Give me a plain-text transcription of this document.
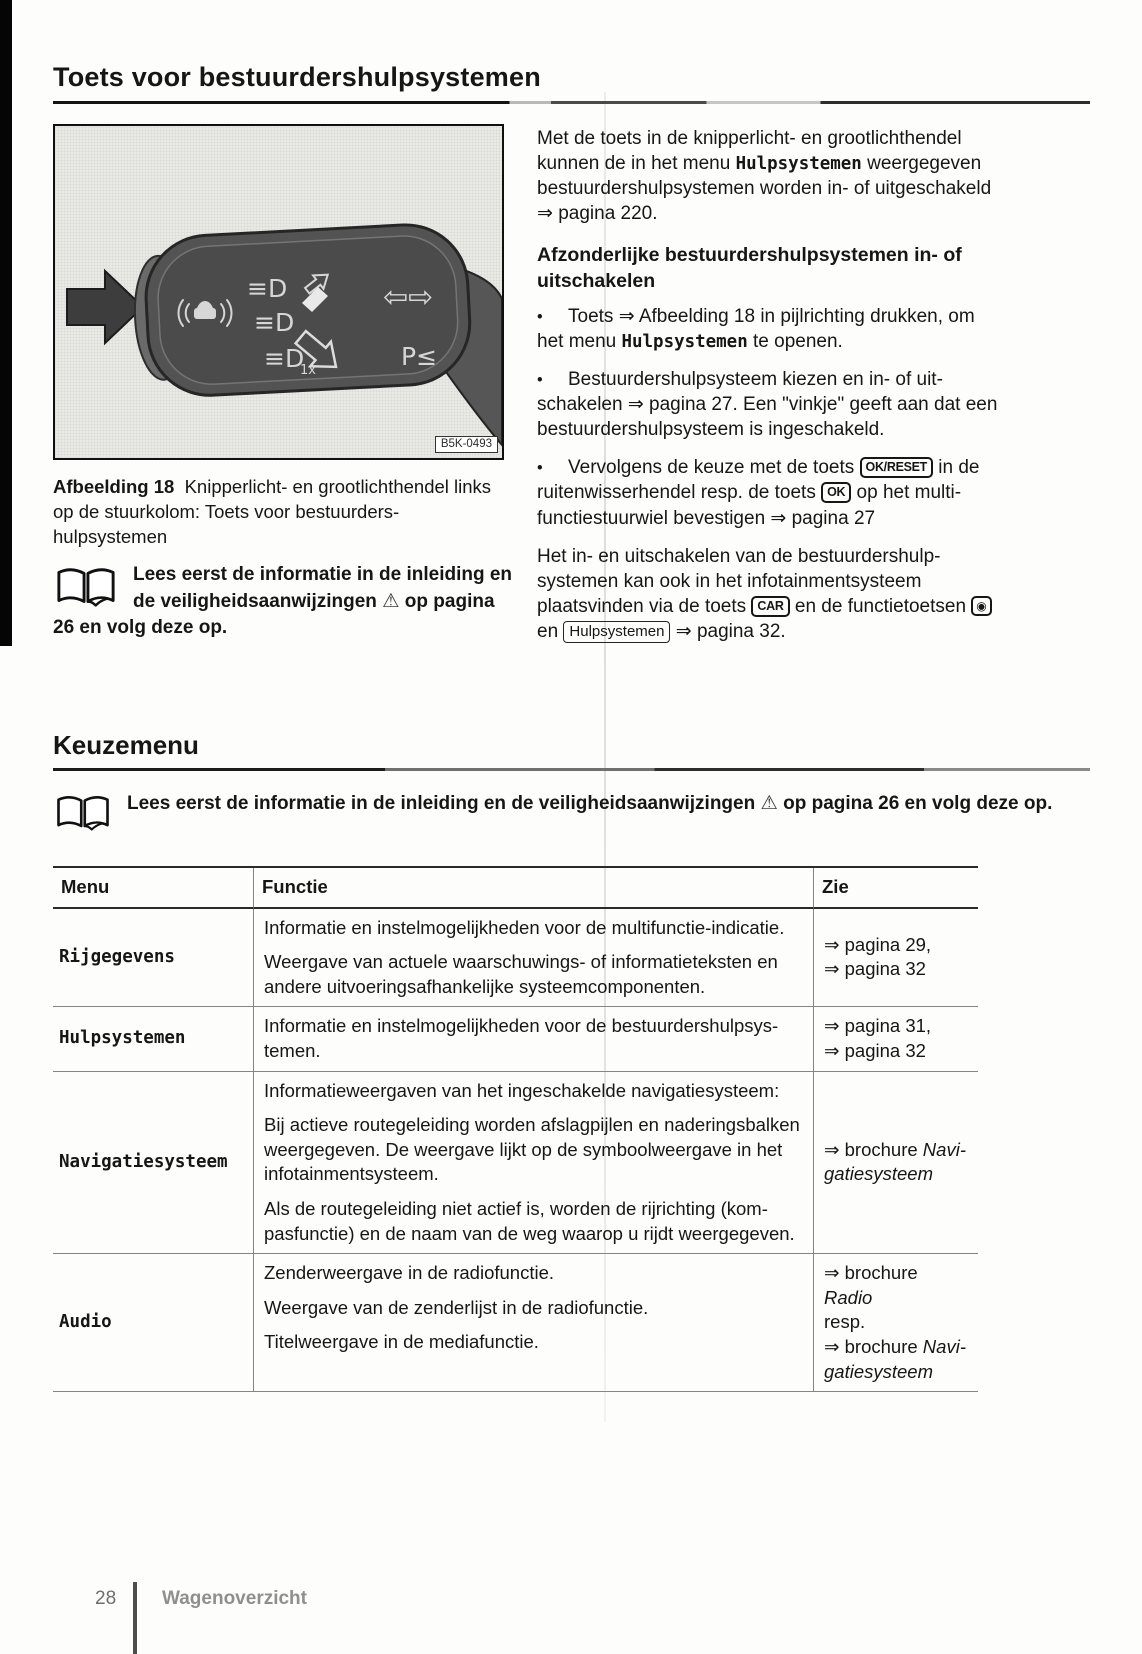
Toets voor bestuurdershulpsystemen
≡D
≡D
≡D
1x
⇦⇨
P≤
B5K-0493
Afbeelding 18 Knipperlicht- en grootlichthendel links op de stuurkolom: Toets voor bestuurdershulpsystemen
Lees eerst de informatie in de inleiding en de veiligheidsaanwijzingen ⚠ op pagina 26 en volg deze op.

Met de toets in de knipperlicht- en grootlichthendel kunnen de in het menu Hulpsystemen weergegeven bestuurdershulpsystemen worden in- of uitgeschakeld ⇒ pagina 220.

Afzonderlijke bestuurdershulpsystemen in- of uitschakelen

• Toets ⇒ Afbeelding 18 in pijlrichting drukken, om het menu Hulpsystemen te openen.

• Bestuurdershulpsysteem kiezen en in- of uitschakelen ⇒ pagina 27. Een "vinkje" geeft aan dat een bestuurdershulpsysteem is ingeschakeld.

• Vervolgens de keuze met de toets OK/RESET in de ruitenwisserhendel resp. de toets OK op het multifunctiestuurwiel bevestigen ⇒ pagina 27

Het in- en uitschakelen van de bestuurdershulpsystemen kan ook in het infotainmentsysteem plaatsvinden via de toets CAR en de functietoetsen ◉ en Hulpsystemen ⇒ pagina 32.

Keuzemenu
Lees eerst de informatie in de inleiding en de veiligheidsaanwijzingen ⚠ op pagina 26 en volg deze op.
Menu	Functie	Zie
Rijgegevens

Informatie en instelmogelijkheden voor de multifunctie-indicatie.

Weergave van actuele waarschuwings- of informatieteksten en andere uitvoeringsafhankelijke systeemcomponenten.

⇒ pagina 29,
⇒ pagina 32
Hulpsystemen

Informatie en instelmogelijkheden voor de bestuurdershulpsystemen.

⇒ pagina 31,
⇒ pagina 32
Navigatiesysteem

Informatieweergaven van het ingeschakelde navigatiesysteem:

Bij actieve routegeleiding worden afslagpijlen en naderingsbalken weergegeven. De weergave lijkt op de symboolweergave in het infotainmentsysteem.

Als de routegeleiding niet actief is, worden de rijrichting (kompasfunctie) en de naam van de weg waarop u rijdt weergegeven.

⇒ brochure Navigatiesysteem
Audio

Zenderweergave in de radiofunctie.

Weergave van de zenderlijst in de radiofunctie.

Titelweergave in de mediafunctie.

⇒ brochure Radio
resp.
⇒ brochure Navigatiesysteem
28 Wagenoverzicht
